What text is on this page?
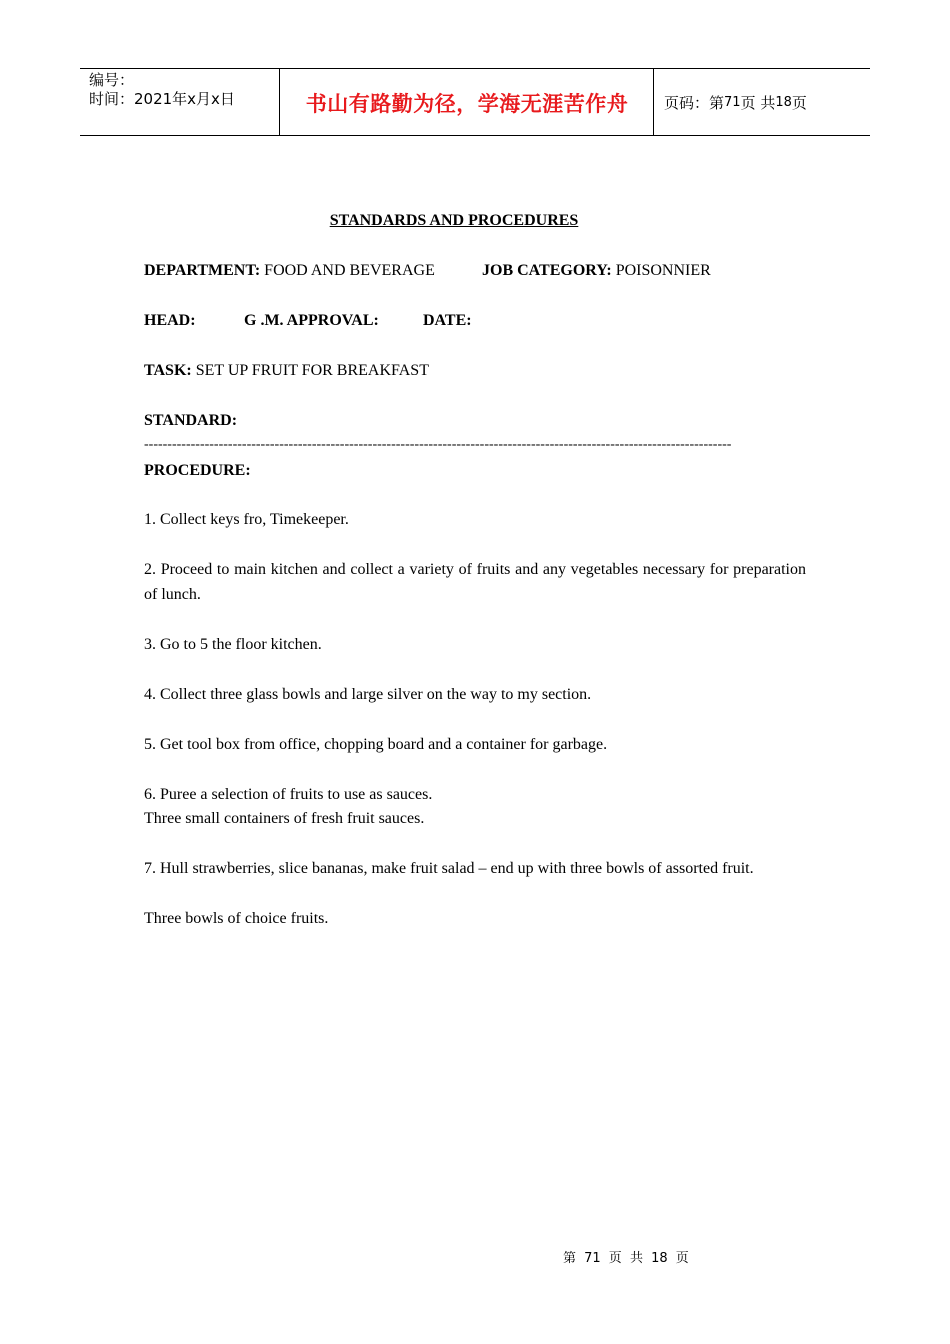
编号：
时间：2021年x月x日	书山有路勤为径，学海无涯苦作舟 页码：第 71 页 共 18 页
STANDARDS AND PROCEDURES
DEPARTMENT: FOOD AND BEVERAGE	JOB CATEGORY: POISONNIER
HEAD:	G .M. APPROVAL:	DATE:
TASK: SET UP FRUIT FOR BREAKFAST
STANDARD:
------------------------------------------------------------------------------------------------------------------------------
PROCEDURE:
1. Collect keys fro, Timekeeper.
2. Proceed to main kitchen and collect a variety of fruits and any vegetables necessary for preparation of lunch.
3. Go to 5 the floor kitchen.
4. Collect three glass bowls and large silver on the way to my section.
5. Get tool box from office, chopping board and a container for garbage.
6. Puree a selection of fruits to use as sauces.
Three small containers of fresh fruit sauces.
7. Hull strawberries, slice bananas, make fruit salad – end up with three bowls of assorted fruit.
Three bowls of choice fruits.
第 71 页 共 18 页
